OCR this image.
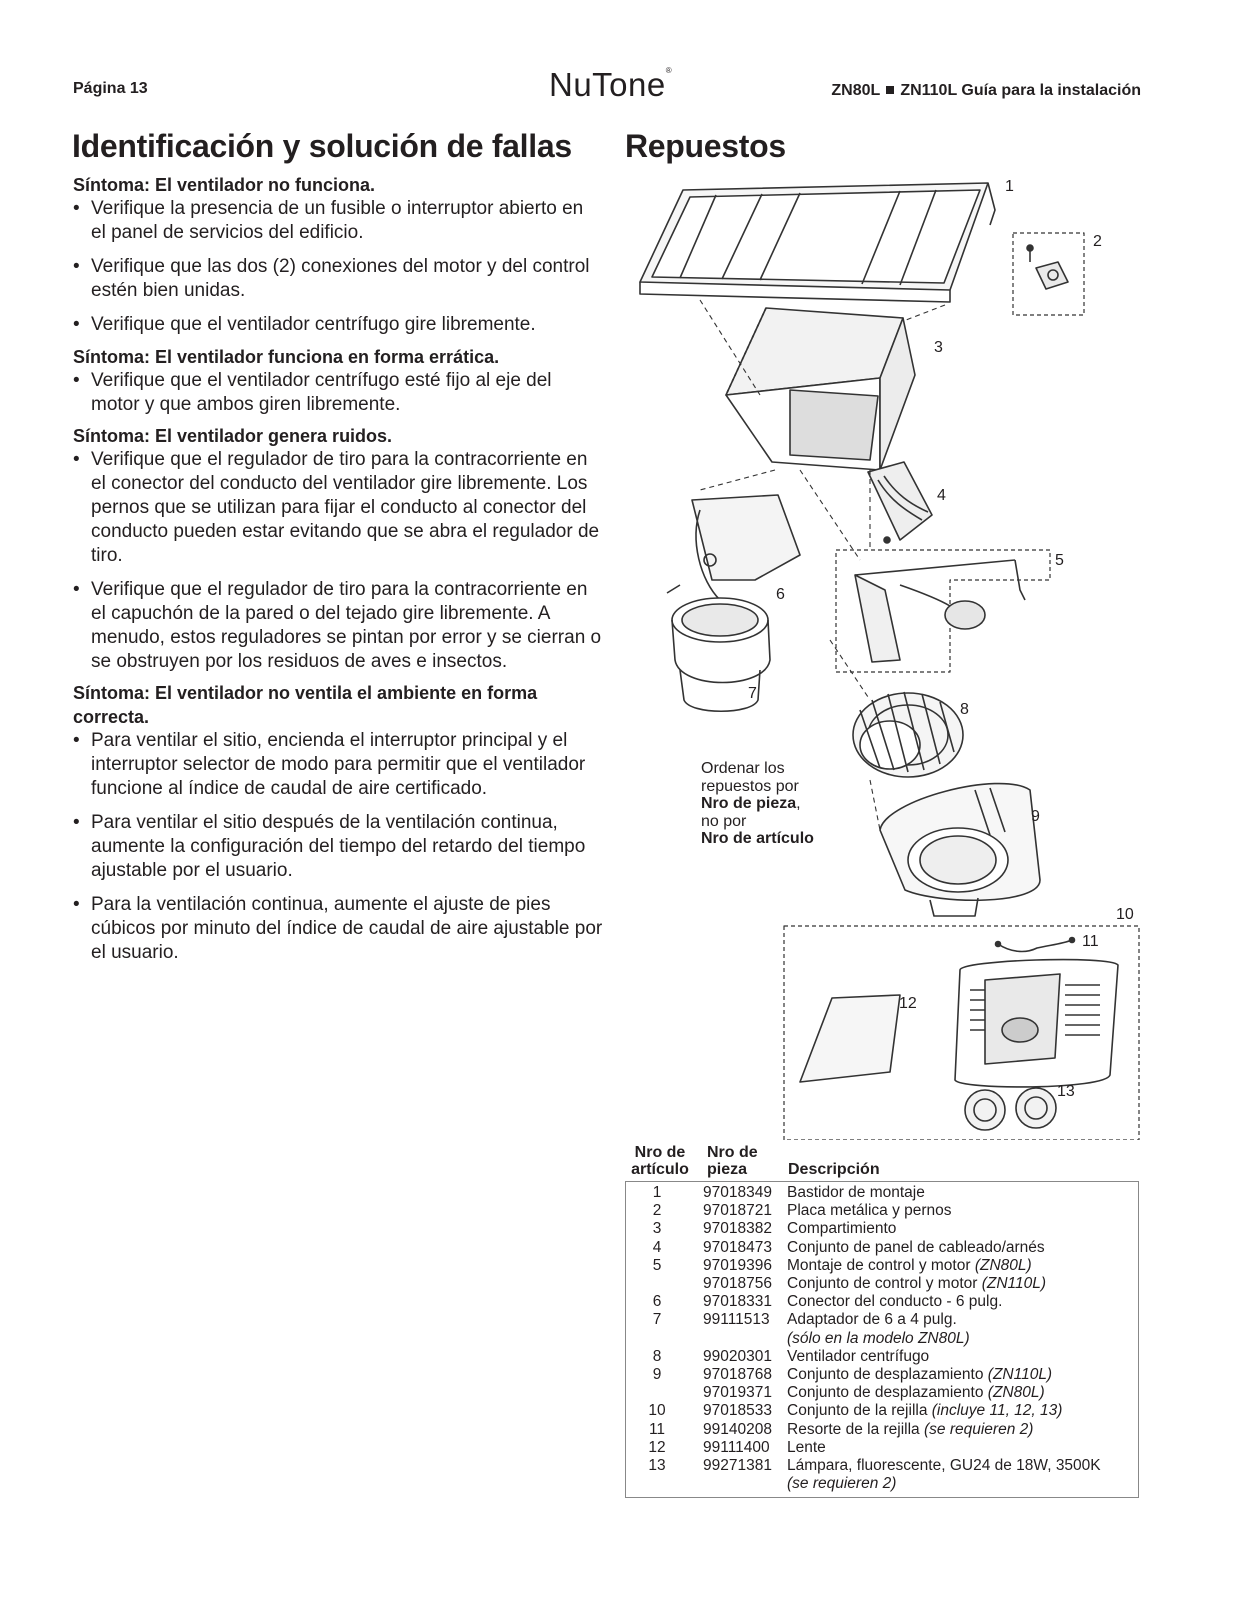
Página 13	NuTone®
ZN80L ZN110L Guía para la instalación
Identificación y solución de fallas

Síntoma: El ventilador no funciona.

• Verifique la presencia de un fusible o interruptor abierto en el panel de servicios del edificio.

• Verifique que las dos (2) conexiones del motor y del control estén bien unidas.

• Verifique que el ventilador centrífugo gire libremente.

Síntoma: El ventilador funciona en forma errática.

• Verifique que el ventilador centrífugo esté fijo al eje del motor y que ambos giren libremente.

Síntoma: El ventilador genera ruidos.

• Verifique que el regulador de tiro para la contracorriente en el conector del conducto del ventilador gire libremente. Los pernos que se utilizan para fijar el conducto al conector del conducto pueden estar evitando que se abra el regulador de tiro.

• Verifique que el regulador de tiro para la contracorriente en el capuchón de la pared o del tejado gire libremente. A menudo, estos reguladores se pintan por error y se cierran o se obstruyen por los residuos de aves e insectos.

Síntoma: El ventilador no ventila el ambiente en forma correcta.

• Para ventilar el sitio, encienda el interruptor principal y el interruptor selector de modo para permitir que el ventilador funcione al índice de caudal de aire certificado.

• Para ventilar el sitio después de la ventilación continua, aumente la configuración del tiempo del retardo del tiempo ajustable por el usuario.

• Para la ventilación continua, aumente el ajuste de pies cúbicos por minuto del índice de caudal de aire ajustable por el usuario.

Repuestos
1
2
3
4
5
6
7
8
9
10
11
12
13
Ordenar los
repuestos por
Nro de pieza,
no por
Nro de artículo
Nro de
artículo
Nro de
pieza	Descripción
1	97018349 Bastidor de montaje
2	97018721 Placa metálica y pernos
3	97018382 Compartimiento
4	97018473 Conjunto de panel de cableado/arnés
5	97019396 Montaje de control y motor (ZN80L)
97018756 Conjunto de control y motor (ZN110L)
6	97018331 Conector del conducto - 6 pulg.
7	99111513 Adaptador de 6 a 4 pulg.
(sólo en la modelo ZN80L)
8	99020301 Ventilador centrífugo
9	97018768 Conjunto de desplazamiento (ZN110L)
97019371 Conjunto de desplazamiento (ZN80L)
10	97018533 Conjunto de la rejilla (incluye 11, 12, 13)
11	99140208 Resorte de la rejilla (se requieren 2)
12	99111400 Lente
13	99271381 Lámpara, fluorescente, GU24 de 18W, 3500K
(se requieren 2)
